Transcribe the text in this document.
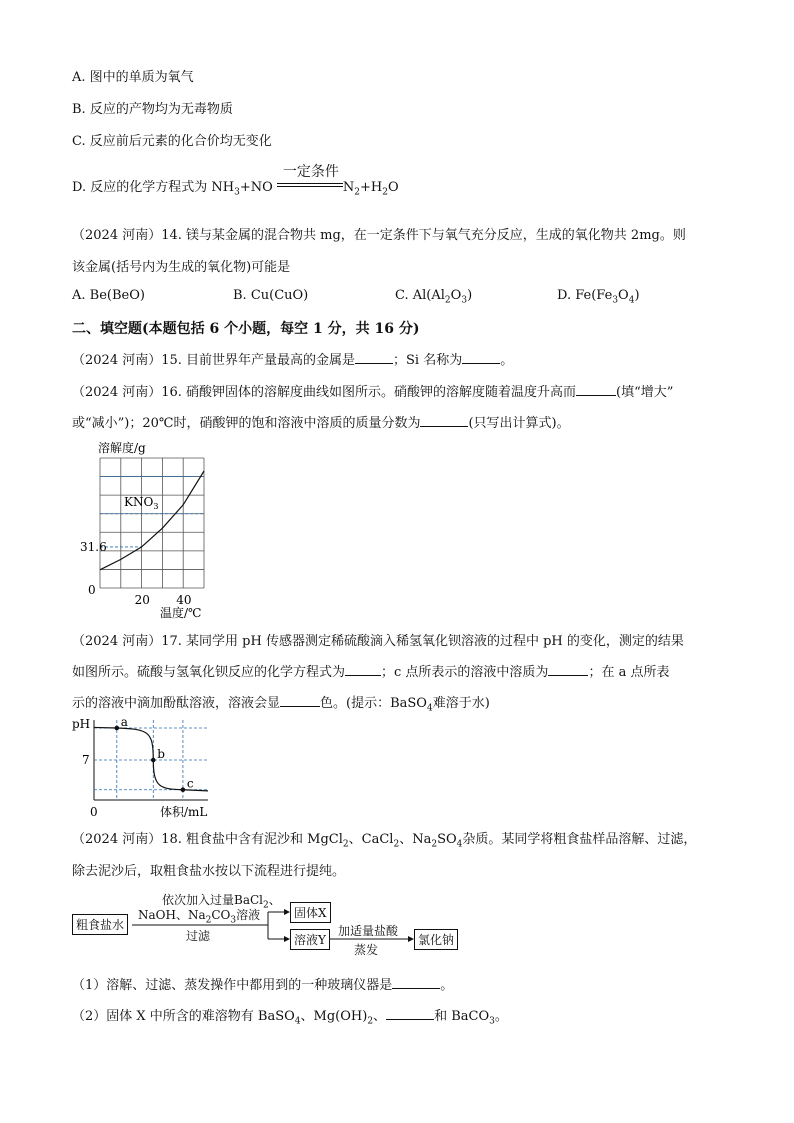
A. 图中的单质为氧气
B. 反应的产物均为无毒物质
C. 反应前后元素的化合价均无变化
D. 反应的化学方程式为 $NH_3+NO$
一定条件
$N_2+H_2O$
（2024 河南）14. 镁与某金属的混合物共 mg，在一定条件下与氧气充分反应，生成的氧化物共 2mg。则
该金属(括号内为生成的氧化物)可能是
A. Be(BeO)	B. Cu(CuO)	C. $Al(Al_2O_3)$	D. $Fe(Fe_3O_4)$
二、填空题(本题包括 6 个小题，每空 1 分，共 16 分)
（2024 河南）15. 目前世界年产量最高的金属是	；Si 名称为	。
（2024 河南）16. 硝酸钾固体的溶解度曲线如图所示。硝酸钾的溶解度随着温度升高而	(填“增大”
或“减小”)；20℃时，硝酸钾的饱和溶液中溶质的质量分数为	(只写出计算式)。
溶解度/g
31.6
0
20 40
温度/℃
$KNO_3$
（2024 河南）17. 某同学用 pH 传感器测定稀硫酸滴入稀氢氧化钡溶液的过程中 pH 的变化，测定的结果
如图所示。硫酸与氢氧化钡反应的化学方程式为	；c 点所表示的溶液中溶质为	；在 a 点所表
示的溶液中滴加酚酞溶液，溶液会显	色。(提示：BaSO$_4$难溶于水)
a
b
c
pH
7
0	体积/mL
（2024 河南）18. 粗食盐中含有泥沙和 MgCl$_2$、CaCl$_2$、$Na_2SO_4$杂质。某同学将粗食盐样品溶解、过滤，
除去泥沙后，取粗食盐水按以下流程进行提纯。
粗食盐水
依次加入过量BaCl$_2$、
NaOH、$Na_2CO_3$溶液
过滤
固体X
溶液Y
加适量盐酸
蒸发
氯化钠
（1）溶解、过滤、蒸发操作中都用到的一种玻璃仪器是	。
（2）固体 X 中所含的难溶物有 BaSO$_4$、$Mg(OH)_2$、	和 BaCO$_3$。
